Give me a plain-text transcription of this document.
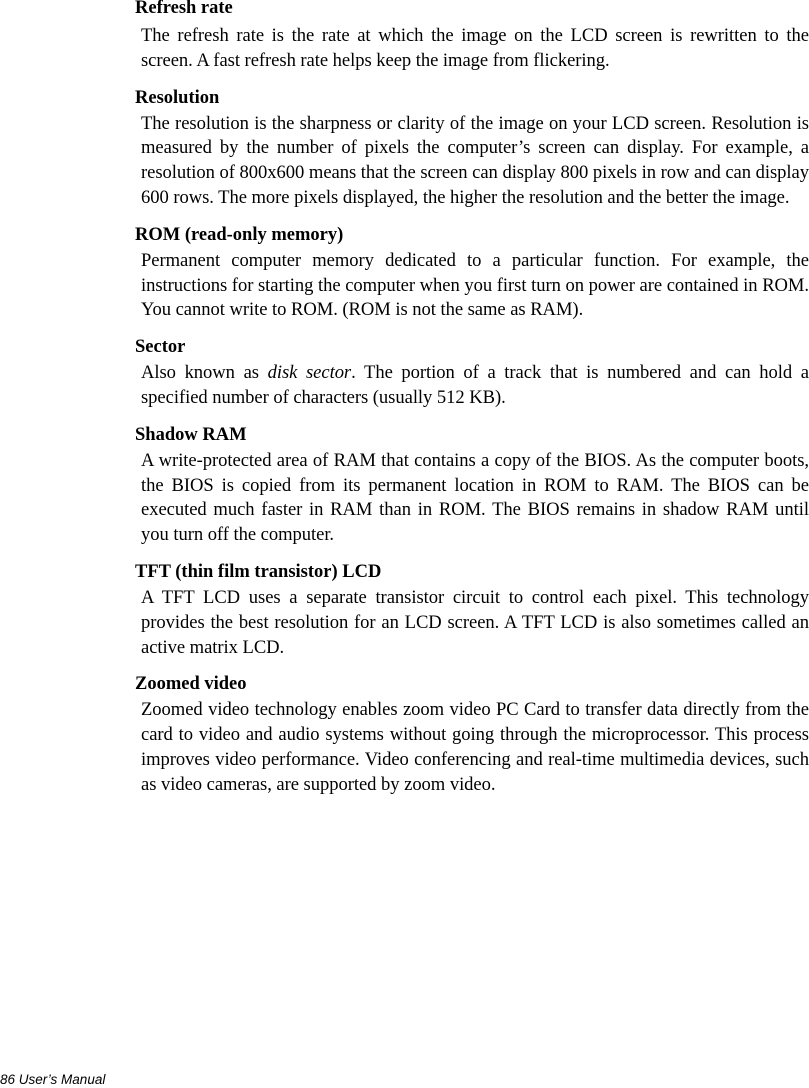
Refresh rate

The refresh rate is the rate at which the image on the LCD screen is rewritten to the screen. A fast refresh rate helps keep the image from flickering.

Resolution

The resolution is the sharpness or clarity of the image on your LCD screen. Resolution is measured by the number of pixels the computer’s screen can display. For example, a resolution of 800x600 means that the screen can display 800 pixels in row and can display 600 rows. The more pixels displayed, the higher the resolution and the better the image.

ROM (read-only memory)

Permanent computer memory dedicated to a particular function. For example, the instructions for starting the computer when you first turn on power are contained in ROM. You cannot write to ROM. (ROM is not the same as RAM).

Sector

Also known as disk sector. The portion of a track that is numbered and can hold a specified number of characters (usually 512 KB).

Shadow RAM

A write-protected area of RAM that contains a copy of the BIOS. As the computer boots, the BIOS is copied from its permanent location in ROM to RAM. The BIOS can be executed much faster in RAM than in ROM. The BIOS remains in shadow RAM until you turn off the computer.

TFT (thin film transistor) LCD

A TFT LCD uses a separate transistor circuit to control each pixel. This technology provides the best resolution for an LCD screen. A TFT LCD is also sometimes called an active matrix LCD.

Zoomed video

Zoomed video technology enables zoom video PC Card to transfer data directly from the card to video and audio systems without going through the microprocessor. This process improves video performance. Video conferencing and real-time multimedia devices, such as video cameras, are supported by zoom video.

86 User’s Manual
